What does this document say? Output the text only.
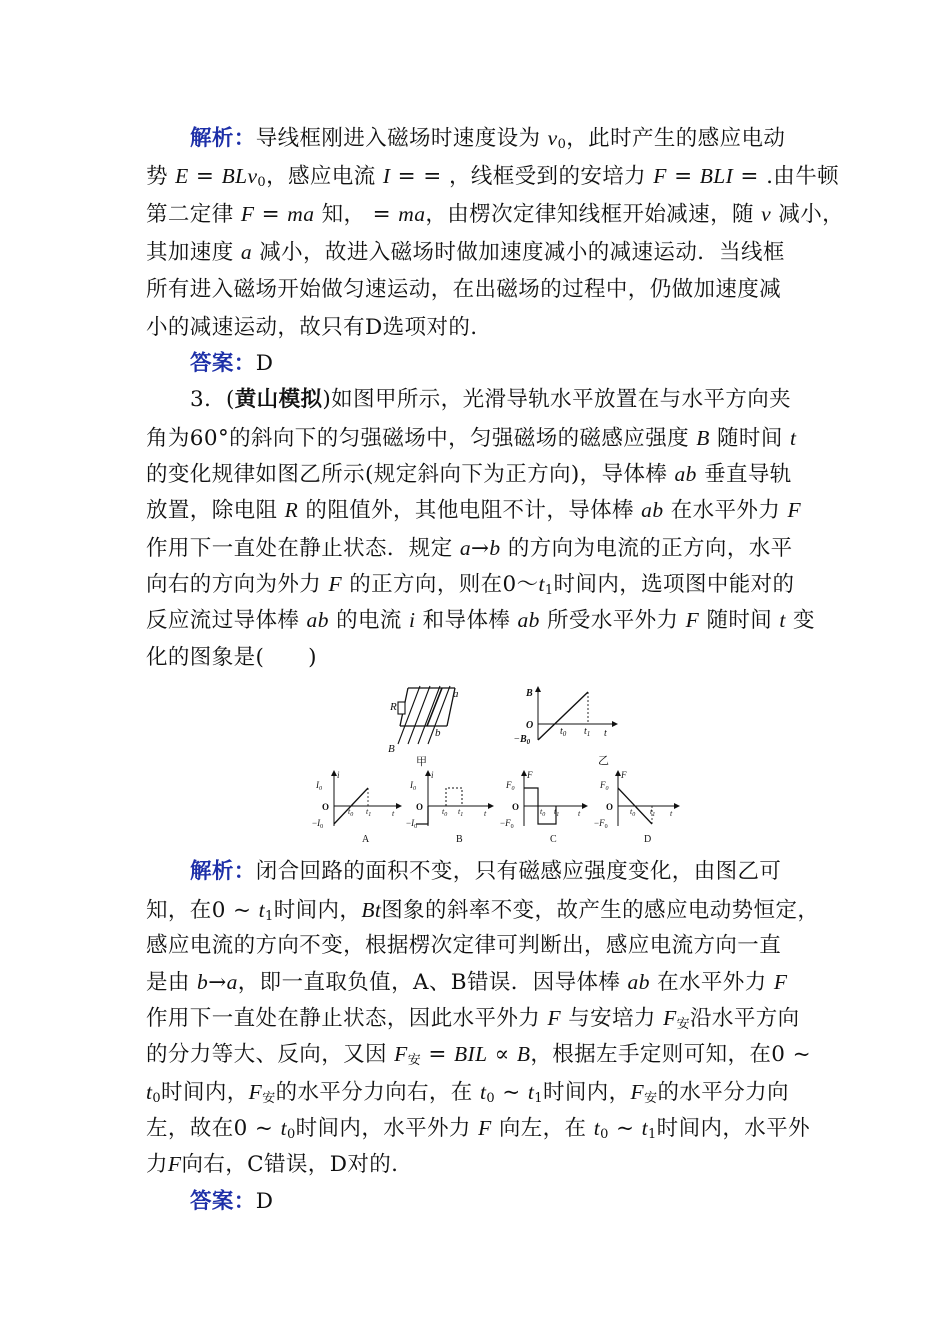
解析：导线框刚进入磁场时速度设为 $v_0$，此时产生的感应电动
势 E = BLv$_0$，感应电流 I = = ，线框受到的安培力 F = BLI = .由牛顿
第二定律 F = ma 知， = ma，由楞次定律知线框开始减速，随 v 减小，
其加速度 a 减小，故进入磁场时做加速度减小的减速运动．当线框
所有进入磁场开始做匀速运动，在出磁场的过程中，仍做加速度减
小的减速运动，故只有D选项对的.
答案：D
3．(黄山模拟)如图甲所示，光滑导轨水平放置在与水平方向夹
角为60°的斜向下的匀强磁场中，匀强磁场的磁感应强度 B 随时间 t
的变化规律如图乙所示(规定斜向下为正方向)，导体棒 ab 垂直导轨
放置，除电阻 R 的阻值外，其他电阻不计，导体棒 ab 在水平外力 F
作用下一直处在静止状态．规定 a→b 的方向为电流的正方向，水平
向右的方向为外力 F 的正方向，则在$0\sim t_1$时间内，选项图中能对的
反应流过导体棒 ab 的电流 i 和导体棒 ab 所受水平外力 F 随时间 t 变
化的图象是(　　)
R
a
b
B
甲
B
O
− $B_0$
$t_0$ $t_1$ t
乙
$I_0$
i
O
$-I_0$
$t_0$ $t_1$	t
A
$I_0$
i
O
$-I_0$
$t_0$ $t_1$	t
B
$F_0$
F
O
$-F_0$
$t_0$ $t_1$ t
C
$F_0$
F
O
$-F_0$
$t_0$ $t_1$ t
D
解析：闭合回路的面积不变，只有磁感应强度变化，由图乙可
知，在0 ~ $t_1$时间内，Bt图象的斜率不变，故产生的感应电动势恒定，
感应电流的方向不变，根据楞次定律可判断出，感应电流方向一直
是由 b→a，即一直取负值，A、B错误．因导体棒 ab 在水平外力 F
作用下一直处在静止状态，因此水平外力 F 与安培力 F安沿水平方向
的分力等大、反向，又因 F安 = BIL ∝ B，根据左手定则可知，在0 ~
$t_0$时间内，F安的水平分力向右，在 $t_0$ ~ $t_1$时间内，F安的水平分力向
左，故在0 ~ $t_0$时间内，水平外力 F 向左，在 $t_0$ ~ $t_1$时间内，水平外
力F向右，C错误，D对的.
答案：D
